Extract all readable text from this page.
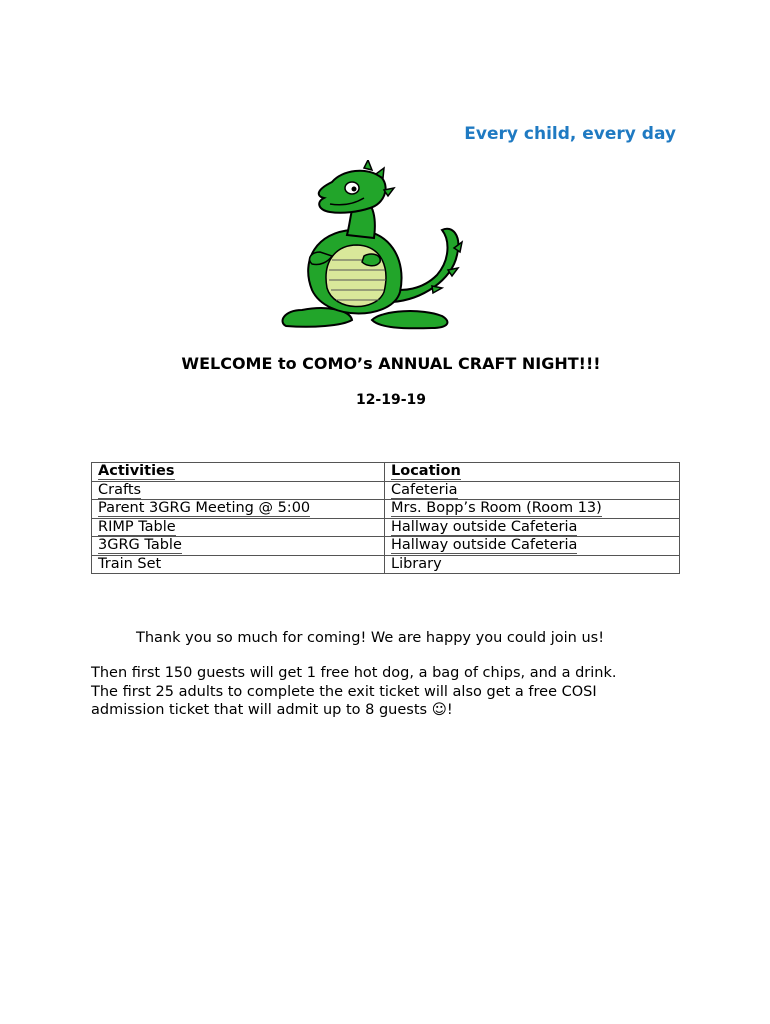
Every child, every day
WELCOME to COMO’s ANNUAL CRAFT NIGHT!!!
12-19-19
Activities	Location
Crafts	Cafeteria
Parent 3GRG Meeting @ 5:00	Mrs. Bopp’s Room (Room 13)
RIMP Table	Hallway outside Cafeteria
3GRG Table	Hallway outside Cafeteria
Train Set	Library
Thank you so much for coming! We are happy you could join us!
Then first 150 guests will get 1 free hot dog, a bag of chips, and a drink.
The first 25 adults to complete the exit ticket will also get a free COSI
admission ticket that will admit up to 8 guests ☺!
